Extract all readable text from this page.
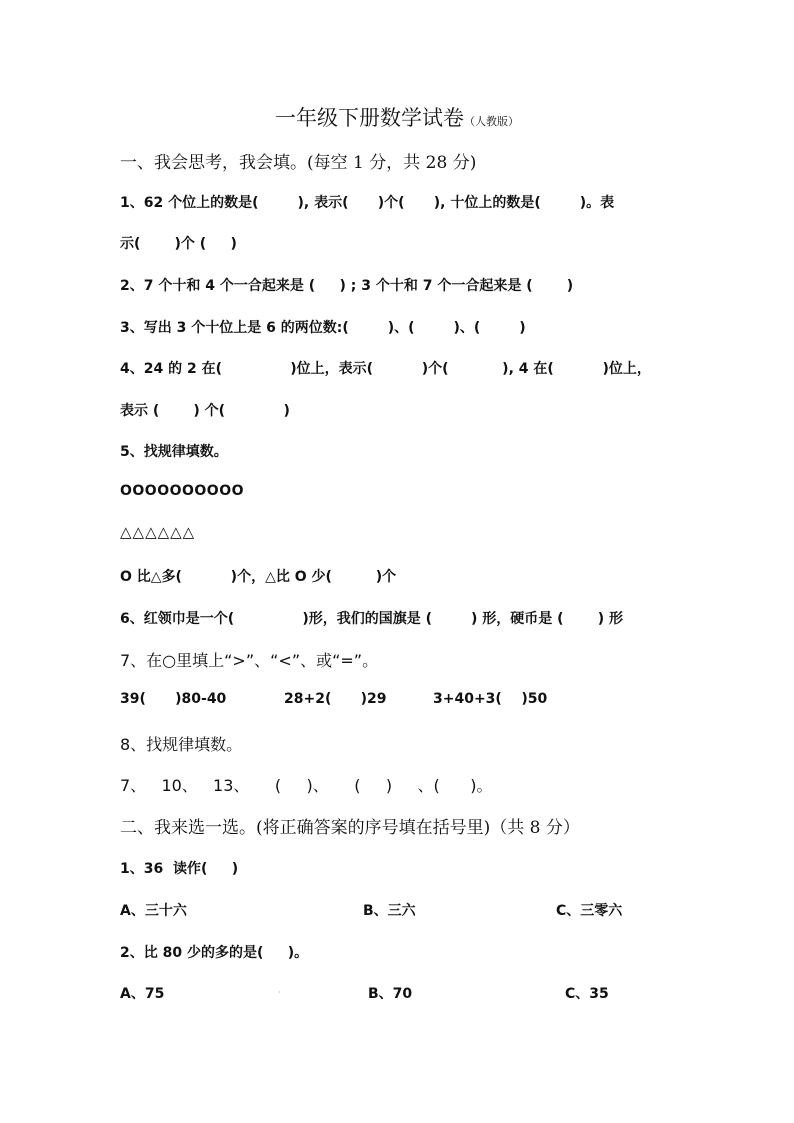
一年级下册数学试卷（人教版）
一、我会思考，我会填。(每空 1 分，共 28 分)
1、62 个位上的数是(        ), 表示(      )个(      ), 十位上的数是(        )。表
示(       )个 (     )
2、7 个十和 4 个一合起来是 (     ) ; 3 个十和 7 个一合起来是 (       )
3、写出 3 个十位上是 6 的两位数:(        )、(        )、(        )
4、24 的 2 在(              )位上，表示(          )个(           ), 4 在(          )位上，
表示 (       ) 个(            )
5、找规律填数。
OOOOOOOOOO
△△△△△△
O 比△多(          )个，△比 O 少(         )个
6、红领巾是一个(              )形，我们的国旗是 (        ) 形，硬币是 (       ) 形
7、在○里填上“>”、“<”、或“=”。
39(      )80-40	28+2(      )29	3+40+3(    )50
8、找规律填数。
7、   10、   13、     (     )、     (     )     、(      )。
二、我来选一选。(将正确答案的序号填在括号里)（共 8 分）
1、36  读作(     )
A、三十六	B、三六	C、三零六
2、比 80 少的多的是(     )。
A、75	·	B、70	C、35
